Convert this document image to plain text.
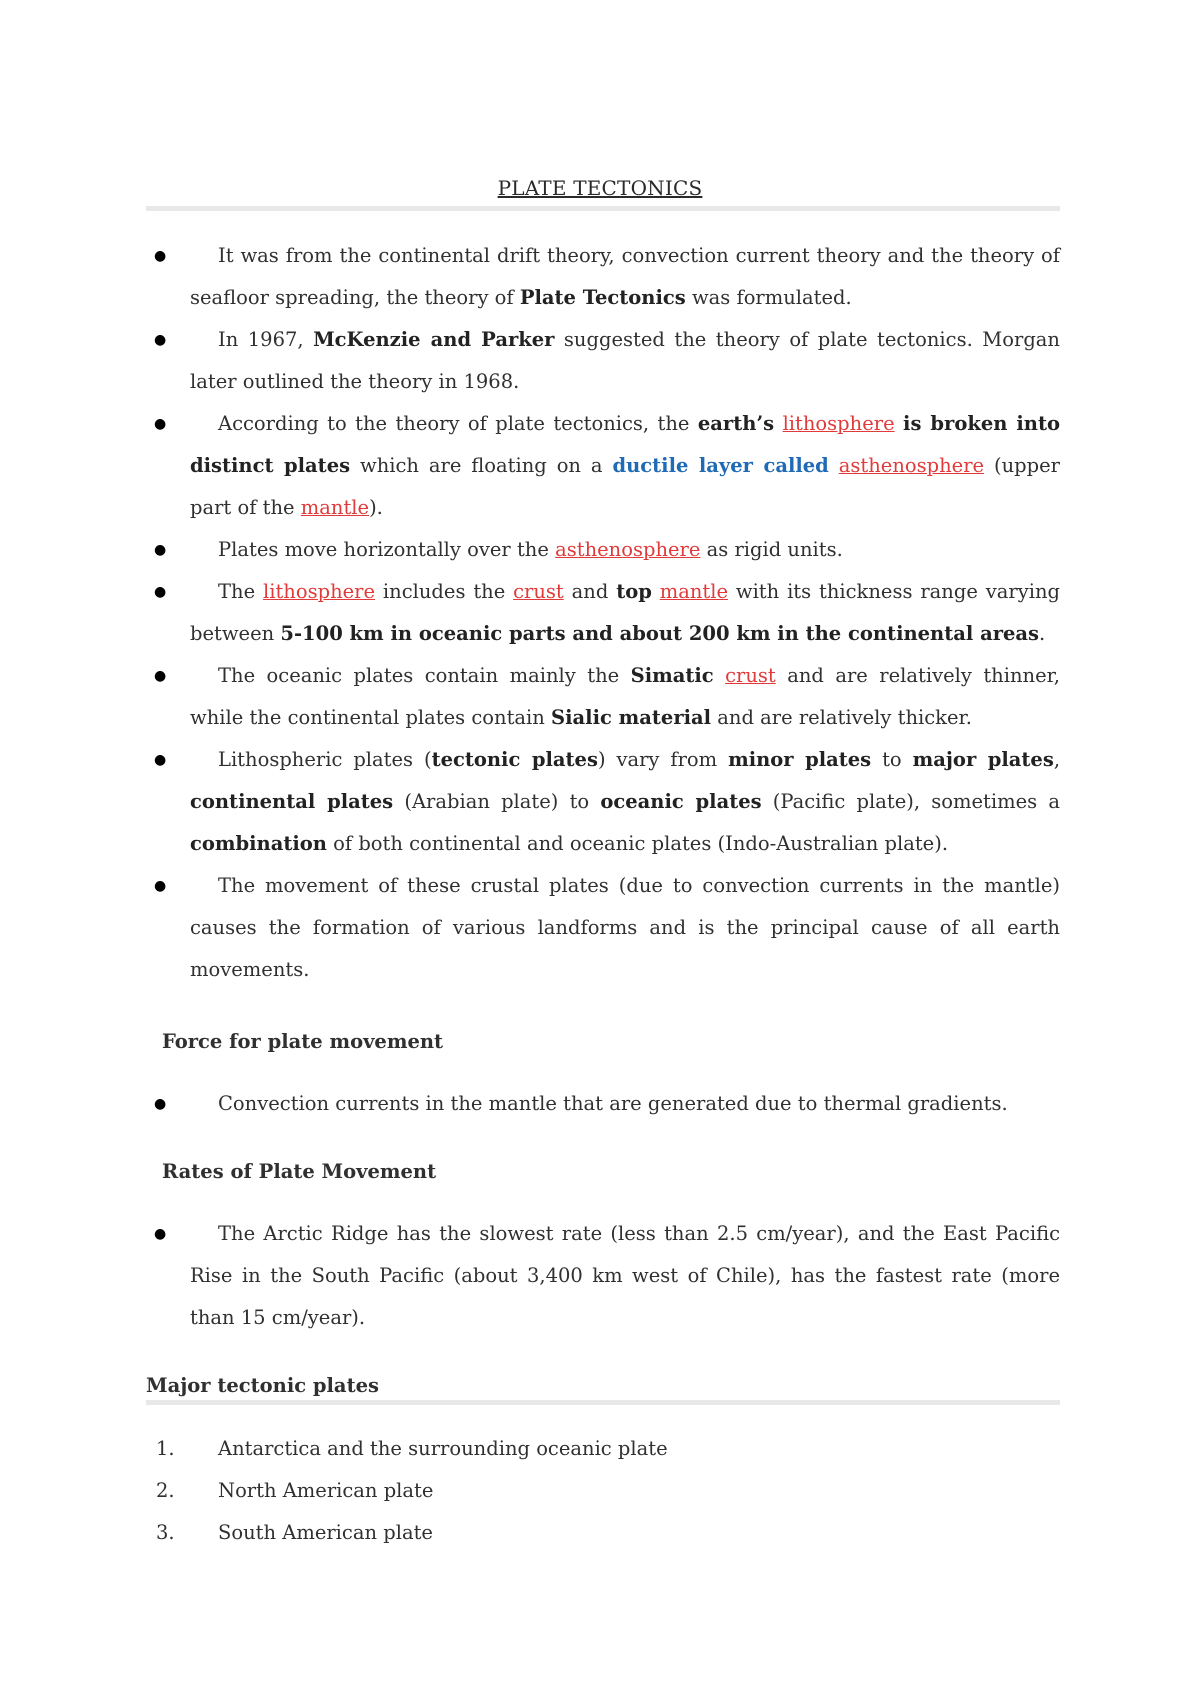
PLATE TECTONICS
●	It was from the continental drift theory, convection current theory and the theory of seafloor spreading, the theory of Plate Tectonics was formulated.
●	In 1967, McKenzie and Parker suggested the theory of plate tectonics. Morgan later outlined the theory in 1968.
●	According to the theory of plate tectonics, the earth’s lithosphere is broken into distinct plates which are floating on a ductile layer called asthenosphere (upper part of the mantle).
●	Plates move horizontally over the asthenosphere as rigid units.
●	The lithosphere includes the crust and top mantle with its thickness range varying between 5-100 km in oceanic parts and about 200 km in the continental areas.
●	The oceanic plates contain mainly the Simatic crust and are relatively thinner, while the continental plates contain Sialic material and are relatively thicker.
●	Lithospheric plates (tectonic plates) vary from minor plates to major plates, continental plates (Arabian plate) to oceanic plates (Pacific plate), sometimes a combination of both continental and oceanic plates (Indo-Australian plate).
●	The movement of these crustal plates (due to convection currents in the mantle) causes the formation of various landforms and is the principal cause of all earth movements.
Force for plate movement
●	Convection currents in the mantle that are generated due to thermal gradients.
Rates of Plate Movement
●	The Arctic Ridge has the slowest rate (less than 2.5 cm/year), and the East Pacific Rise in the South Pacific (about 3,400 km west of Chile), has the fastest rate (more than 15 cm/year).
Major tectonic plates
1. Antarctica and the surrounding oceanic plate
2. North American plate
3. South American plate
